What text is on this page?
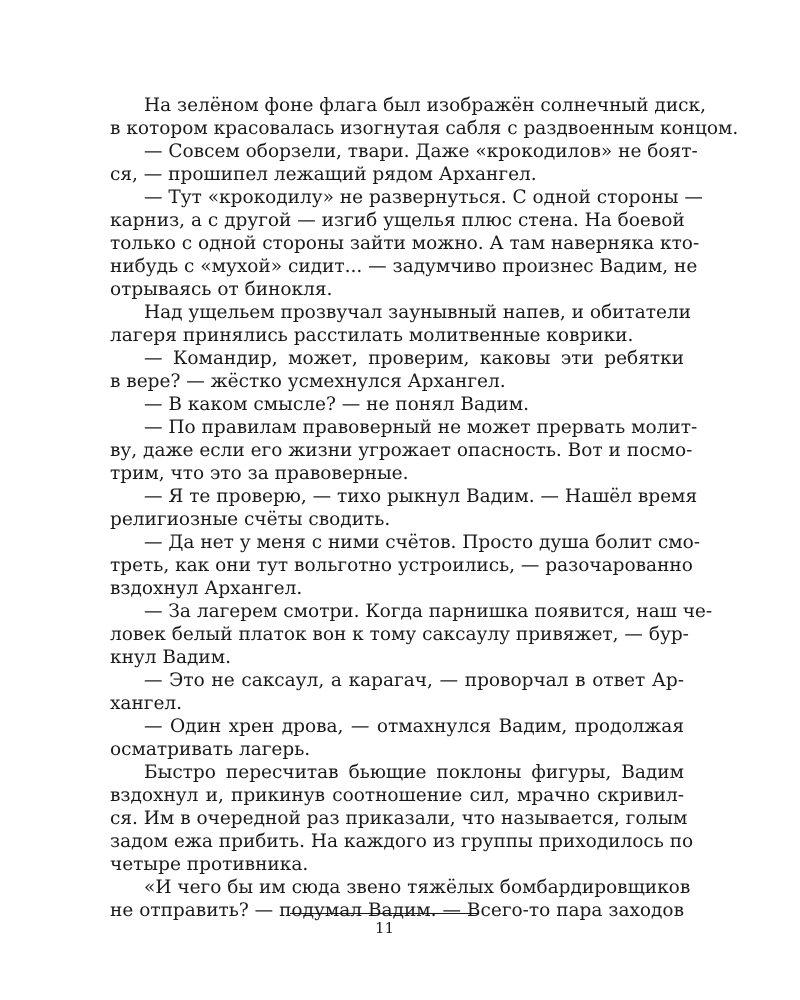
На зелёном фоне флага был изображён солнечный диск,
в котором красовалась изогнутая сабля с раздвоенным концом.
— Совсем оборзели, твари. Даже «крокодилов» не боят-
ся, — прошипел лежащий рядом Архангел.
— Тут «крокодилу» не развернуться. С одной стороны —
карниз, а с другой — изгиб ущелья плюс стена. На боевой
только с одной стороны зайти можно. А там наверняка кто-
нибудь с «мухой» сидит... — задумчиво произнес Вадим, не
отрываясь от бинокля.
Над ущельем прозвучал заунывный напев, и обитатели
лагеря принялись расстилать молитвенные коврики.
— Командир, может, проверим, каковы эти ребятки
в вере? — жёстко усмехнулся Архангел.
— В каком смысле? — не понял Вадим.
— По правилам правоверный не может прервать молит-
ву, даже если его жизни угрожает опасность. Вот и посмо-
трим, что это за правоверные.
— Я те проверю, — тихо рыкнул Вадим. — Нашёл время
религиозные счёты сводить.
— Да нет у меня с ними счётов. Просто душа болит смо-
треть, как они тут вольготно устроились, — разочарованно
вздохнул Архангел.
— За лагерем смотри. Когда парнишка появится, наш че-
ловек белый платок вон к тому саксаулу привяжет, — бур-
кнул Вадим.
— Это не саксаул, а карагач, — проворчал в ответ Ар-
хангел.
— Один хрен дрова, — отмахнулся Вадим, продолжая
осматривать лагерь.
Быстро пересчитав бьющие поклоны фигуры, Вадим
вздохнул и, прикинув соотношение сил, мрачно скривил-
ся. Им в очередной раз приказали, что называется, голым
задом ежа прибить. На каждого из группы приходилось по
четыре противника.
«И чего бы им сюда звено тяжёлых бомбардировщиков
не отправить? — подумал Вадим. — Всего-то пара заходов
11
